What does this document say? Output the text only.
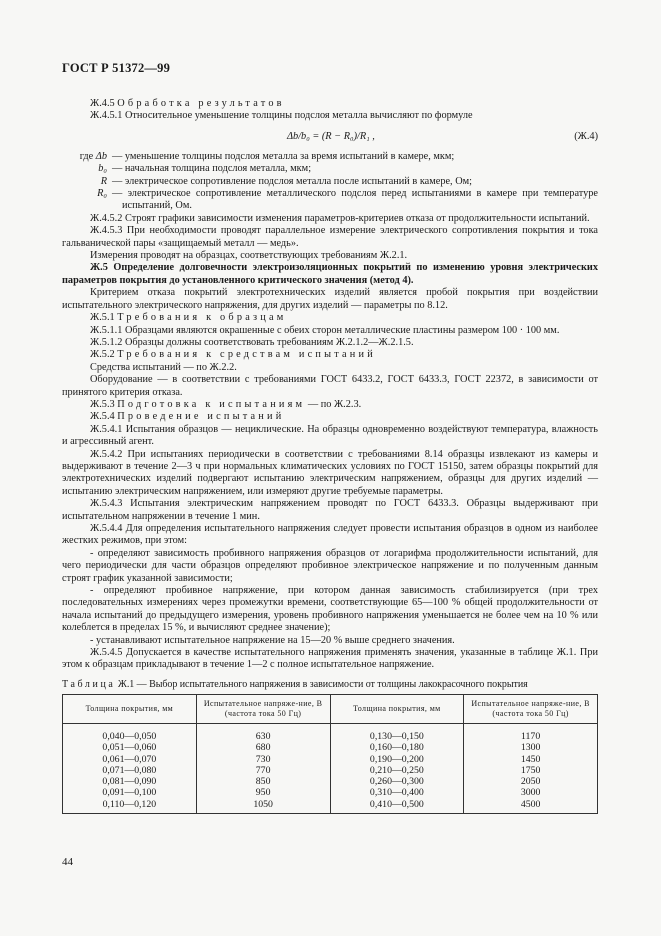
ГОСТ Р 51372—99

Ж.4.5 Обработка результатов

Ж.4.5.1 Относительное уменьшение толщины подслоя металла вычисляют по формуле

Δb/b₀ = (R − R₀)/R₁ ,	(Ж.4)
где Δb — уменьшение толщины подслоя металла за время испытаний в камере, мкм;
b₀ — начальная толщина подслоя металла, мкм;
R — электрическое сопротивление подслоя металла после испытаний в камере, Ом;
R₀ — электрическое сопротивление металлического подслоя перед испытаниями в камере при температуре испытаний, Ом.

Ж.4.5.2 Строят графики зависимости изменения параметров-критериев отказа от продолжительности испытаний.

Ж.4.5.3 При необходимости проводят параллельное измерение электрического сопротивления покрытия и тока гальванической пары «защищаемый металл — медь».

Измерения проводят на образцах, соответствующих требованиям Ж.2.1.

Ж.5 Определение долговечности электроизоляционных покрытий по изменению уровня электрических параметров покрытия до установленного критического значения (метод 4).

Критерием отказа покрытий электротехнических изделий является пробой покрытия при воздействии испытательного электрического напряжения, для других изделий — параметры по 8.12.

Ж.5.1 Требования к образцам

Ж.5.1.1 Образцами являются окрашенные с обеих сторон металлические пластины размером 100 · 100 мм.

Ж.5.1.2 Образцы должны соответствовать требованиям Ж.2.1.2—Ж.2.1.5.

Ж.5.2 Требования к средствам испытаний

Средства испытаний — по Ж.2.2.

Оборудование — в соответствии с требованиями ГОСТ 6433.2, ГОСТ 6433.3, ГОСТ 22372, в зависимости от принятого критерия отказа.

Ж.5.3 Подготовка к испытаниям — по Ж.2.3.

Ж.5.4 Проведение испытаний

Ж.5.4.1 Испытания образцов — нециклические. На образцы одновременно воздействуют температура, влажность и агрессивный агент.

Ж.5.4.2 При испытаниях периодически в соответствии с требованиями 8.14 образцы извлекают из камеры и выдерживают в течение 2—3 ч при нормальных климатических условиях по ГОСТ 15150, затем образцы покрытий для электротехнических изделий подвергают испытанию электрическим напряжением, образцы для других изделий — испытанию электрическим напряжением, или измеряют другие требуемые параметры.

Ж.5.4.3 Испытания электрическим напряжением проводят по ГОСТ 6433.3. Образцы выдерживают при испытательном напряжении в течение 1 мин.

Ж.5.4.4 Для определения испытательного напряжения следует провести испытания образцов в одном из наиболее жестких режимов, при этом:

- определяют зависимость пробивного напряжения образцов от логарифма продолжительности испытаний, для чего периодически для части образцов определяют пробивное электрическое напряжение и по полученным данным строят график указанной зависимости;

- определяют пробивное напряжение, при котором данная зависимость стабилизируется (при трех последовательных измерениях через промежутки времени, соответствующие 65—100 % общей продолжительности от начала испытаний до предыдущего измерения, уровень пробивного напряжения уменьшается не более чем на 10 % или колеблется в пределах 15 %, и вычисляют среднее значение);

- устанавливают испытательное напряжение на 15—20 % выше среднего значения.

Ж.5.4.5 Допускается в качестве испытательного напряжения применять значения, указанные в таблице Ж.1. При этом к образцам прикладывают в течение 1—2 с полное испытательное напряжение.

Таблица Ж.1 — Выбор испытательного напряжения в зависимости от толщины лакокрасочного покрытия

Толщина покрытия, мм	Испытательное напряже-ние, В (частота тока 50 Гц)	Толщина покрытия, мм	Испытательное напряже-ние, В (частота тока 50 Гц)
0,040—0,050	630	0,130—0,150	1170
0,051—0,060	680	0,160—0,180	1300
0,061—0,070	730	0,190—0,200	1450
0,071—0,080	770	0,210—0,250	1750
0,081—0,090	850	0,260—0,300	2050
0,091—0,100	950	0,310—0,400	3000
0,110—0,120	1050	0,410—0,500	4500
44
